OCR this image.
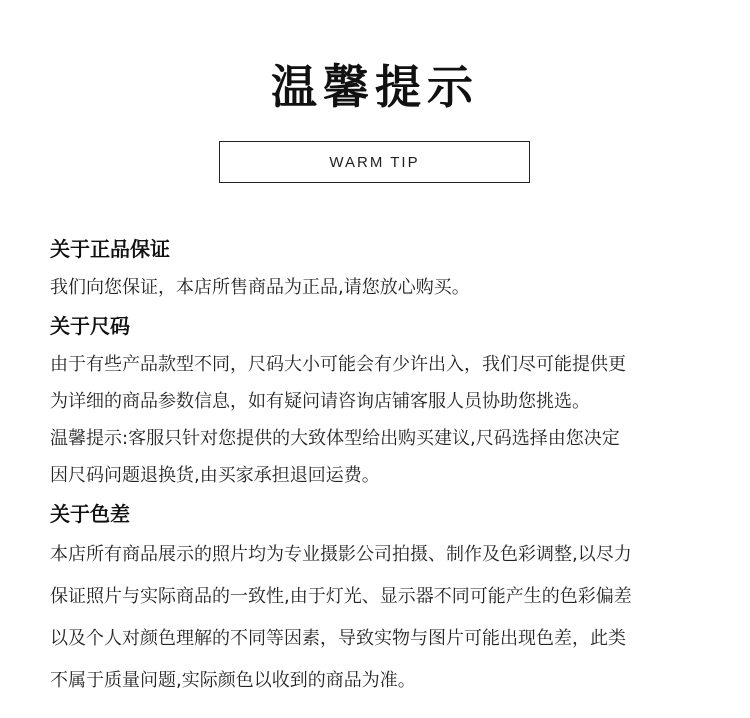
温馨提示
WARM TIP
关于正品保证
我们向您保证，本店所售商品为正品,请您放心购买。
关于尺码
由于有些产品款型不同，尺码大小可能会有少许出入，我们尽可能提供更
为详细的商品参数信息，如有疑问请咨询店铺客服人员协助您挑选。
温馨提示:客服只针对您提供的大致体型给出购买建议,尺码选择由您决定
因尺码问题退换货,由买家承担退回运费。
关于色差
本店所有商品展示的照片均为专业摄影公司拍摄、制作及色彩调整,以尽力
保证照片与实际商品的一致性,由于灯光、显示器不同可能产生的色彩偏差
以及个人对颜色理解的不同等因素，导致实物与图片可能出现色差，此类
不属于质量问题,实际颜色以收到的商品为准。
